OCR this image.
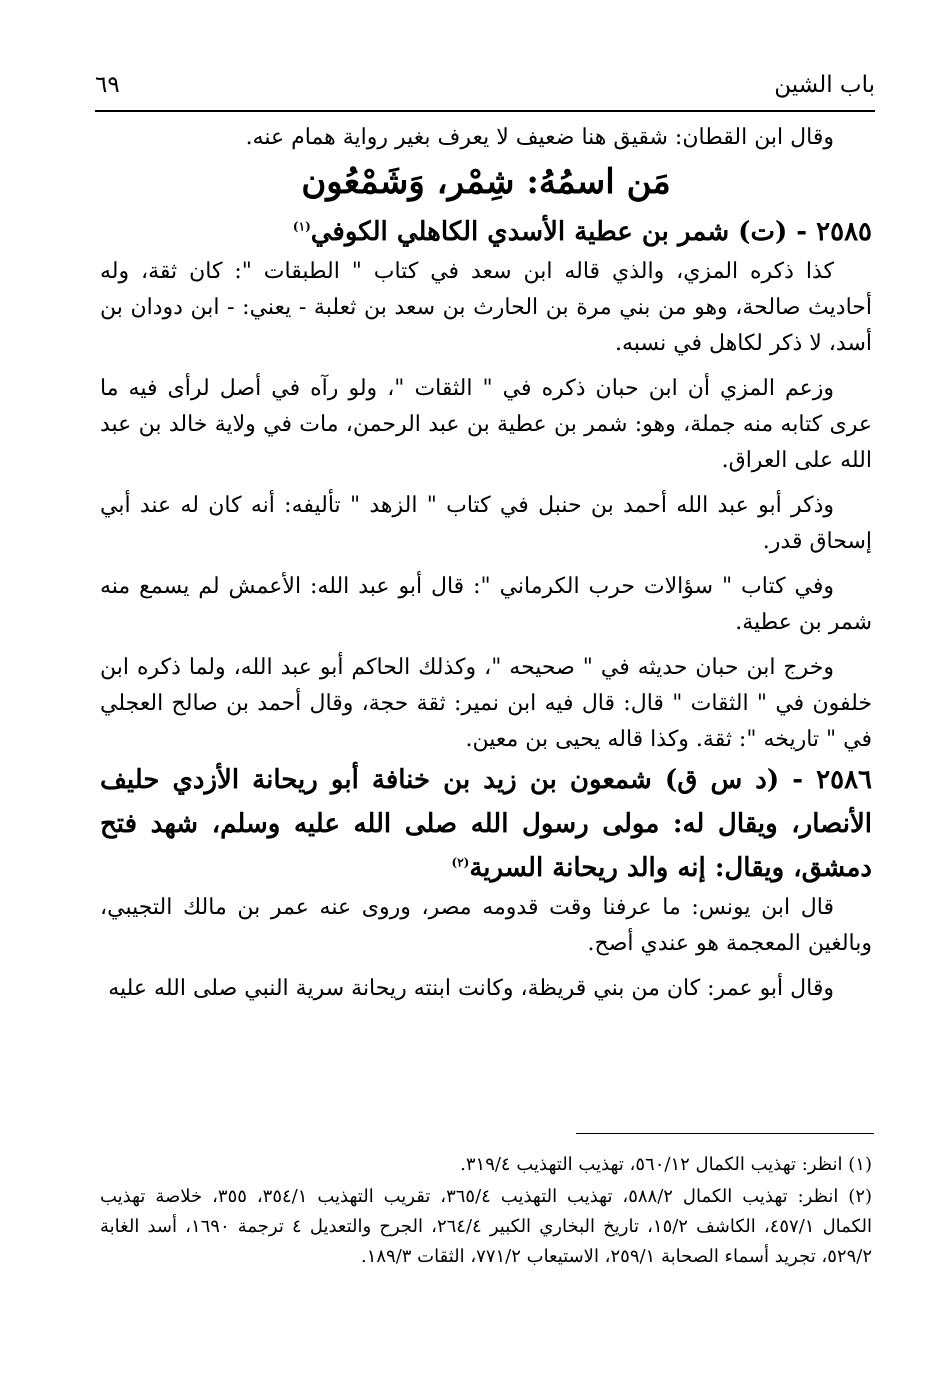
باب الشين
٦٩

وقال ابن القطان: شقيق هنا ضعيف لا يعرف بغير رواية همام عنه.

مَن اسمُهُ: شِمْر، وَشَمْعُون

٢٥٨٥ - (ت) شمر بن عطية الأسدي الكاهلي الكوفي$^{(١)}$

كذا ذكره المزي، والذي قاله ابن سعد في كتاب " الطبقات ": كان ثقة، وله أحاديث صالحة، وهو من بني مرة بن الحارث بن سعد بن ثعلبة - يعني: - ابن دودان بن أسد، لا ذكر لكاهل في نسبه.

وزعم المزي أن ابن حبان ذكره في " الثقات "، ولو رآه في أصل لرأى فيه ما عرى كتابه منه جملة، وهو: شمر بن عطية بن عبد الرحمن، مات في ولاية خالد بن عبد الله على العراق.

وذكر أبو عبد الله أحمد بن حنبل في كتاب " الزهد " تأليفه: أنه كان له عند أبي إسحاق قدر.

وفي كتاب " سؤالات حرب الكرماني ": قال أبو عبد الله: الأعمش لم يسمع منه شمر بن عطية.

وخرج ابن حبان حديثه في " صحيحه "، وكذلك الحاكم أبو عبد الله، ولما ذكره ابن خلفون في " الثقات " قال: قال فيه ابن نمير: ثقة حجة، وقال أحمد بن صالح العجلي في " تاريخه ": ثقة. وكذا قاله يحيى بن معين.

٢٥٨٦ - (د س ق) شمعون بن زيد بن خنافة أبو ريحانة الأزدي حليف الأنصار، ويقال له: مولى رسول الله صلى الله عليه وسلم، شهد فتح دمشق، ويقال: إنه والد ريحانة السرية$^{(٢)}$

قال ابن يونس: ما عرفنا وقت قدومه مصر، وروى عنه عمر بن مالك التجيبي، وبالغين المعجمة هو عندي أصح.

وقال أبو عمر: كان من بني قريظة، وكانت ابنته ريحانة سرية النبي صلى الله عليه

(١) انظر: تهذيب الكمال ٥٦٠/١٢، تهذيب التهذيب ٣١٩/٤.

(٢) انظر: تهذيب الكمال ٥٨٨/٢، تهذيب التهذيب ٣٦٥/٤، تقريب التهذيب ٣٥٤/١، ٣٥٥، خلاصة تهذيب الكمال ٤٥٧/١، الكاشف ١٥/٢، تاريخ البخاري الكبير ٢٦٤/٤، الجرح والتعديل ٤ ترجمة ١٦٩٠، أسد الغابة ٥٢٩/٢، تجريد أسماء الصحابة ٢٥٩/١، الاستيعاب ٧٧١/٢، الثقات ١٨٩/٣.
